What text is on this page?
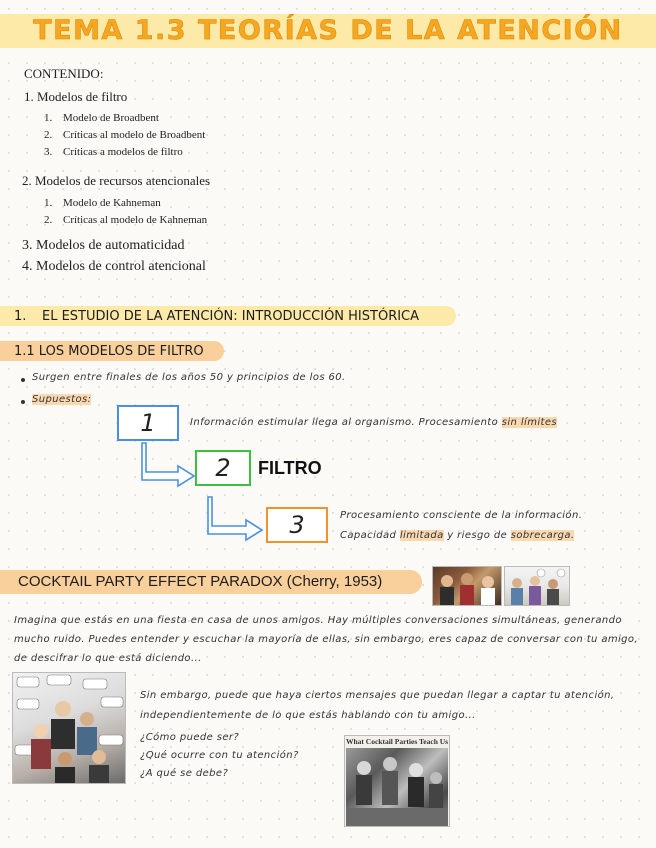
TEMA 1.3 TEORÍAS DE LA ATENCIÓN
CONTENIDO:
1. Modelos de filtro
1. Modelo de Broadbent
2. Críticas al modelo de Broadbent
3. Críticas a modelos de filtro
2. Modelos de recursos atencionales
1. Modelo de Kahneman
2. Críticas al modelo de Kahneman
3. Modelos de automaticidad
4. Modelos de control atencional
1. EL ESTUDIO DE LA ATENCIÓN: INTRODUCCIÓN HISTÓRICA
1.1 LOS MODELOS DE FILTRO
Surgen entre finales de los años 50 y principios de los 60.
Supuestos:
1	Información estimular llega al organismo. Procesamiento sin límites
2 FILTRO
3	Procesamiento consciente de la información.
Capacidad limitada y riesgo de sobrecarga.
COCKTAIL PARTY EFFECT PARADOX (Cherry, 1953)
Imagina que estás en una fiesta en casa de unos amigos. Hay múltiples conversaciones simultáneas, generando
mucho ruido. Puedes entender y escuchar la mayoría de ellas, sin embargo, eres capaz de conversar con tu amigo,
de descifrar lo que está diciendo...
Sin embargo, puede que haya ciertos mensajes que puedan llegar a captar tu atención,
independientemente de lo que estás hablando con tu amigo...
¿Cómo puede ser?
¿Qué ocurre con tu atención?
¿A qué se debe?
What Cocktail Parties Teach Us
